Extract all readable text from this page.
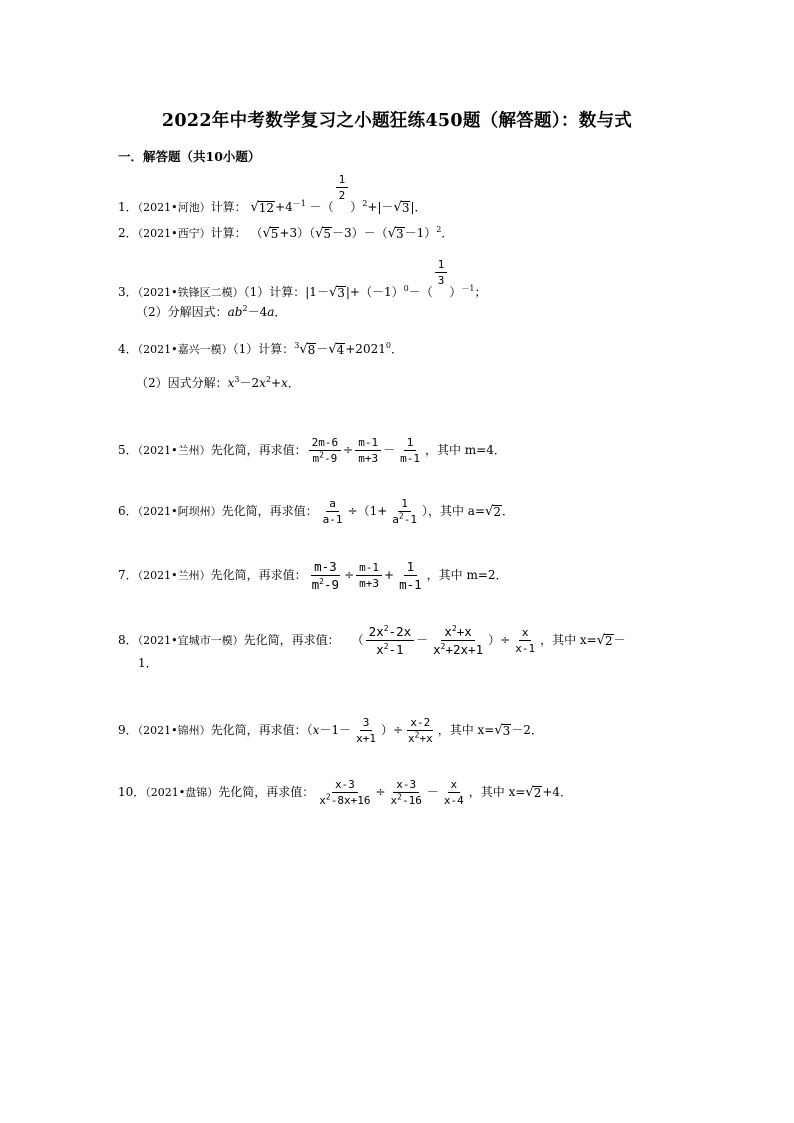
2022年中考数学复习之小题狂练450题（解答题）：数与式
一．解答题（共10小题）
1．（2021•河池）计算： √ $12 +4^{-1}$ －（
$\frac{1}{2}$
）$^2$+|－ √ 3 |．
2．（2021•西宁）计算： （ √ 5 +3）（ √ 5 －3）－（ √ 3 －1）$^2$．
3．（2021•铁锋区二模）（1）计算：|1－ √ 3 $|+(-1)^0-$（
$\frac{1}{3}$
）$^{-1}$；
（2）分解因式：$ab^2-4a$．
4．（2021•嘉兴一模）（1）计算：$^3$ √ 8 － √ $4 +2021^0$．
（2）因式分解：$x^3-2x^2+x$．
5．（2021•兰州）先化简，再求值： $\frac{2m-6}{m^2-9} \div \frac{m-1}{m+3} - \frac{1}{m-1}$ ，其中 m=4．
6．（2021•阿坝州）先化简，再求值： $\frac{a}{a-1} \div(1+ \frac{1}{a^2-1}$ ），其中 a= √ 2 ．
7．（2021•兰州）先化简，再求值： $\frac{m-3}{m^2-9} \div \frac{m-1}{m+3} + \frac{1}{m-1}$ ，其中 m=2．
8．（2021•宜城市一模）先化简，再求值： （ $\frac{2x^2-2x}{x^2-1} - \frac{x^2+x}{x^2+2x+1}$ ）÷ $\frac{x}{x-1}$ ，其中 x= √ 2 －
1．
9．（2021•锦州）先化简，再求值：（$x-1- \frac{3}{x+1}$ ）÷ $\frac{x-2}{x^2+x}$ ，其中 x= √ 3 －2．
10．（2021•盘锦）先化简，再求值： $\frac{x-3}{x^2-8x+16} \div \frac{x-3}{x^2-16} - \frac{x}{x-4}$ ，其中 x= √ 2 +4．
